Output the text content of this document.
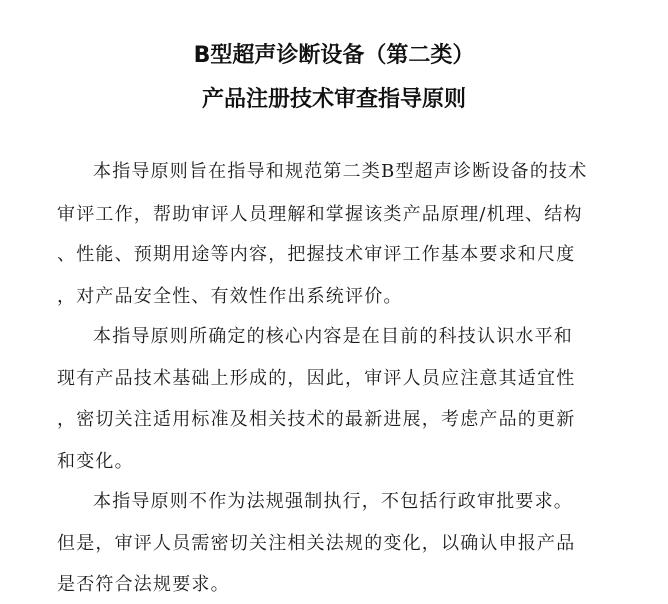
B型超声诊断设备（第二类）
产品注册技术审查指导原则

本指导原则旨在指导和规范第二类B型超声诊断设备的技术

审评工作，帮助审评人员理解和掌握该类产品原理/机理、结构

、性能、预期用途等内容，把握技术审评工作基本要求和尺度

，对产品安全性、有效性作出系统评价。

本指导原则所确定的核心内容是在目前的科技认识水平和

现有产品技术基础上形成的，因此，审评人员应注意其适宜性

，密切关注适用标准及相关技术的最新进展，考虑产品的更新

和变化。

本指导原则不作为法规强制执行，不包括行政审批要求。

但是，审评人员需密切关注相关法规的变化，以确认申报产品

是否符合法规要求。
